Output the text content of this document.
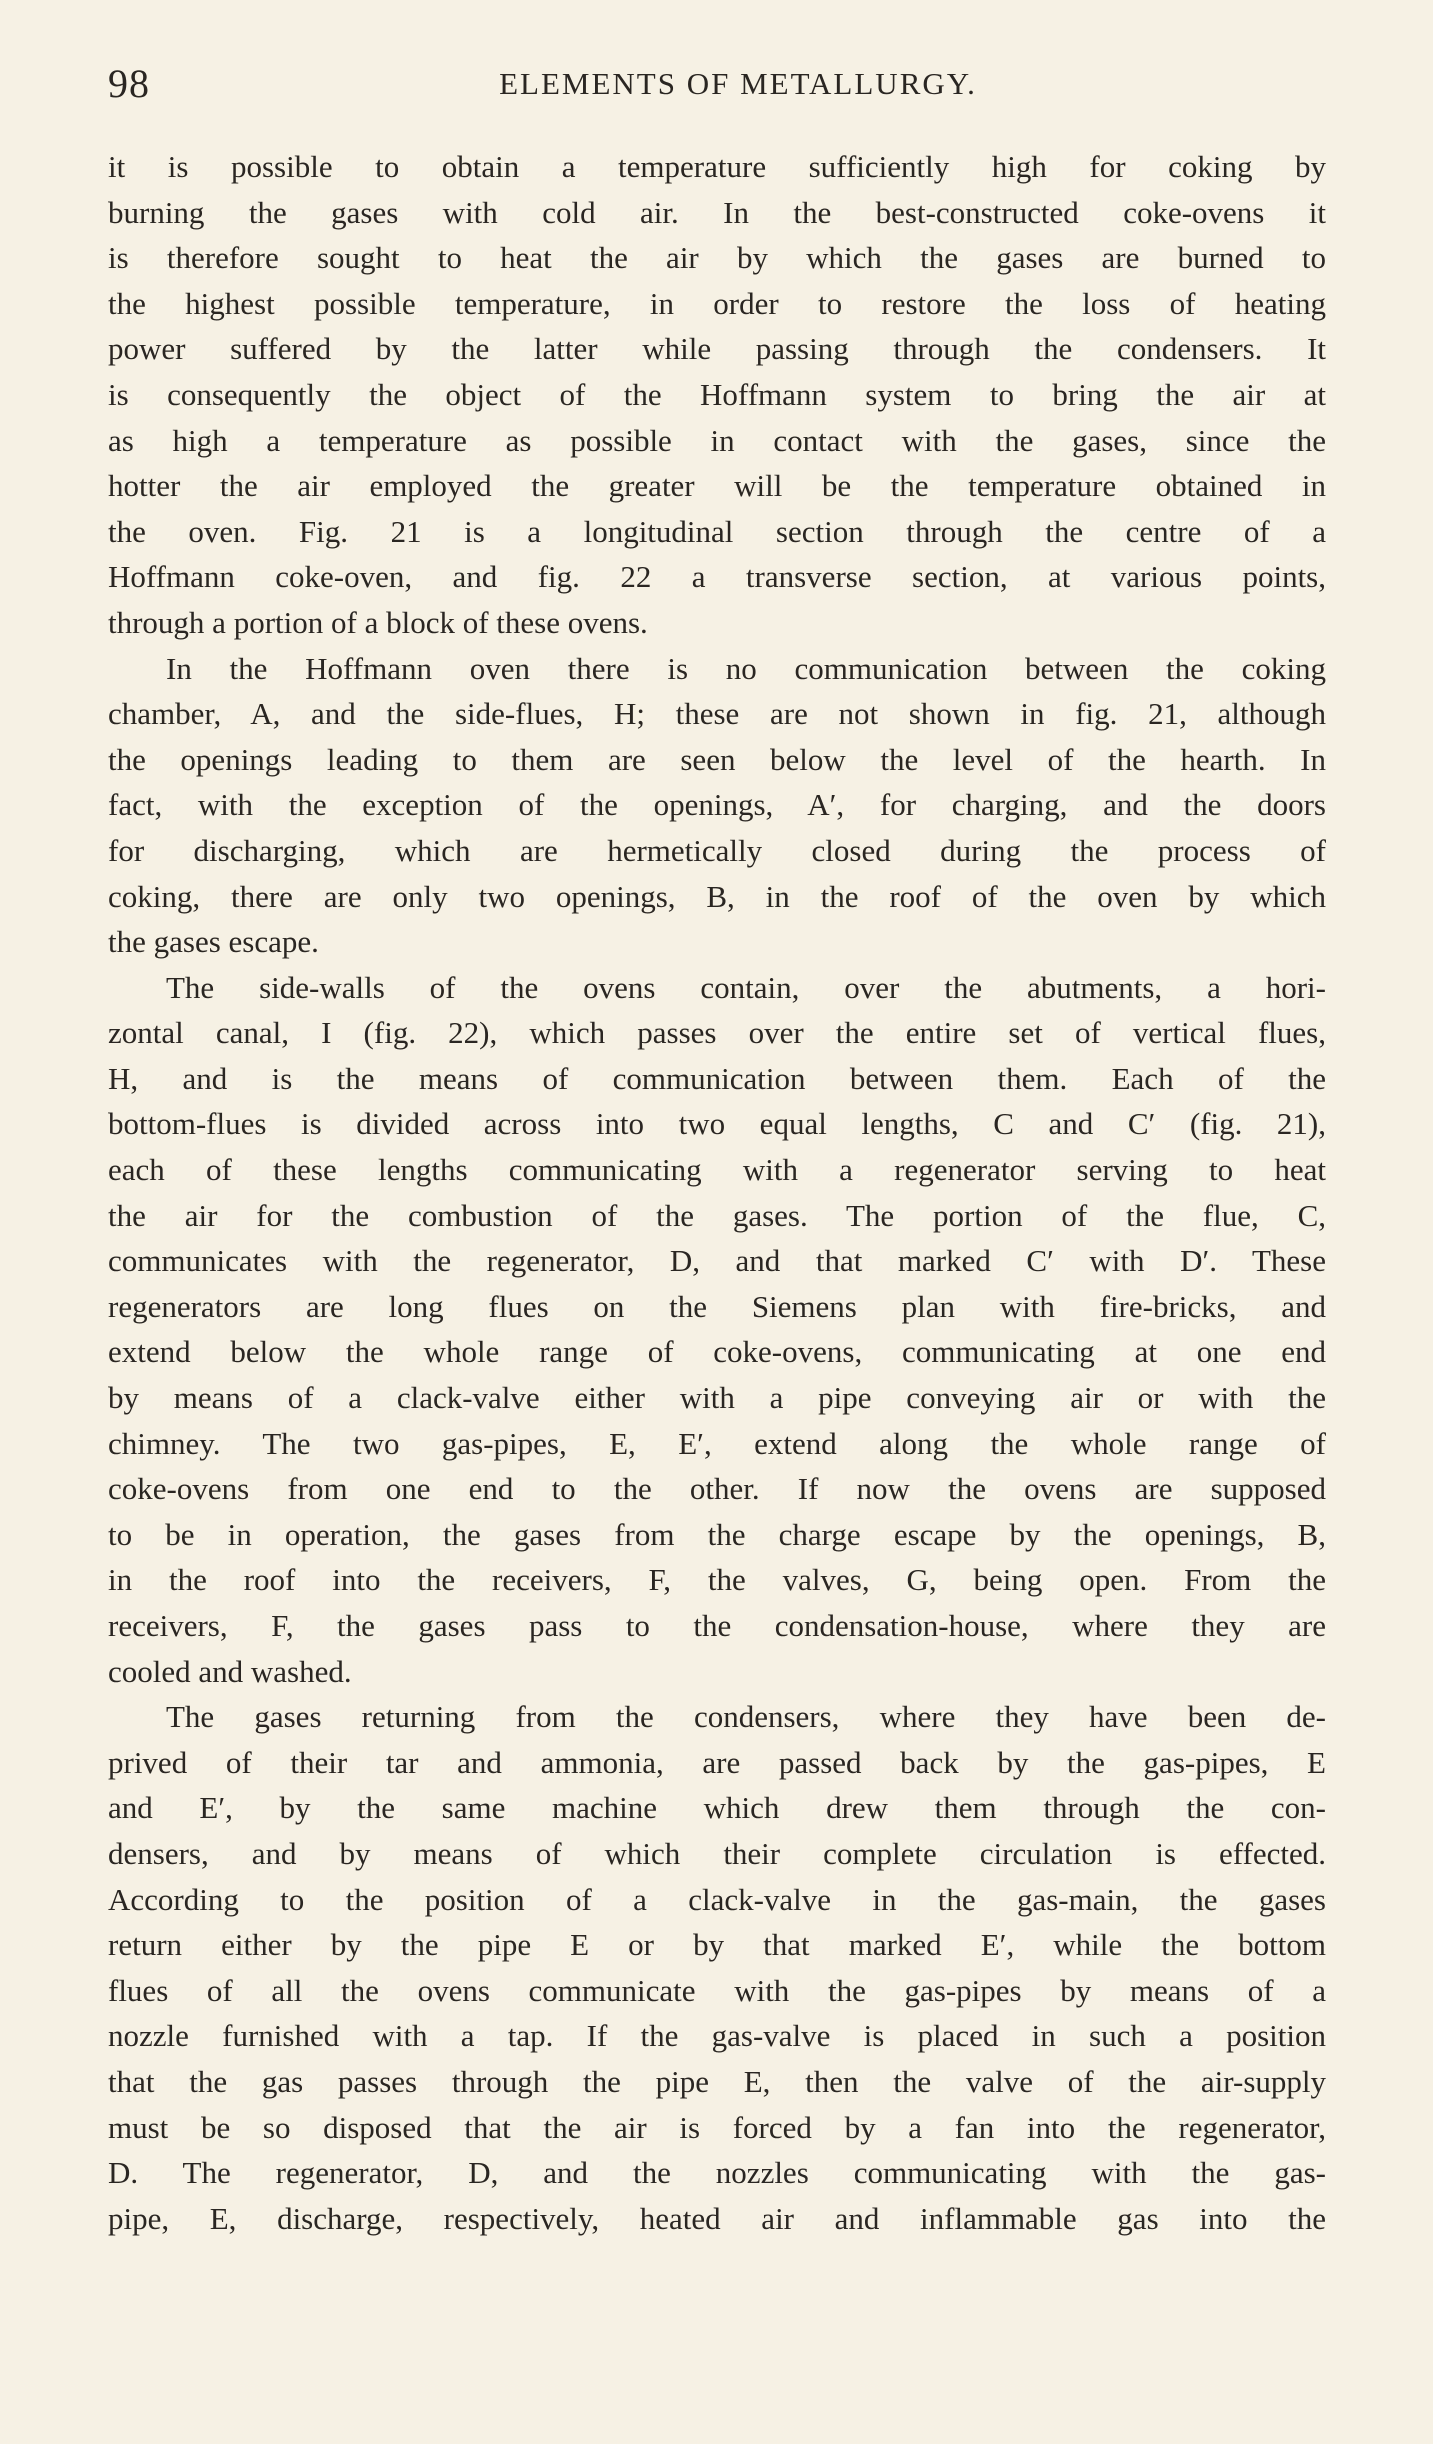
98	ELEMENTS OF METALLURGY.

it is possible to obtain a temperature sufficiently high for coking by
burning the gases with cold air. In the best-constructed coke-ovens it
is therefore sought to heat the air by which the gases are burned to
the highest possible temperature, in order to restore the loss of heating
power suffered by the latter while passing through the condensers. It
is consequently the object of the Hoffmann system to bring the air at
as high a temperature as possible in contact with the gases, since the
hotter the air employed the greater will be the temperature obtained in
the oven. Fig. 21 is a longitudinal section through the centre of a
Hoffmann coke-oven, and fig. 22 a transverse section, at various points,
through a portion of a block of these ovens.

In the Hoffmann oven there is no communication between the coking
chamber, A, and the side-flues, H; these are not shown in fig. 21, although
the openings leading to them are seen below the level of the hearth. In
fact, with the exception of the openings, A′, for charging, and the doors
for discharging, which are hermetically closed during the process of
coking, there are only two openings, B, in the roof of the oven by which
the gases escape.

The side-walls of the ovens contain, over the abutments, a hori-
zontal canal, I (fig. 22), which passes over the entire set of vertical flues,
H, and is the means of communication between them. Each of the
bottom-flues is divided across into two equal lengths, C and C′ (fig. 21),
each of these lengths communicating with a regenerator serving to heat
the air for the combustion of the gases. The portion of the flue, C,
communicates with the regenerator, D, and that marked C′ with D′. These
regenerators are long flues on the Siemens plan with fire-bricks, and
extend below the whole range of coke-ovens, communicating at one end
by means of a clack-valve either with a pipe conveying air or with the
chimney. The two gas-pipes, E, E′, extend along the whole range of
coke-ovens from one end to the other. If now the ovens are supposed
to be in operation, the gases from the charge escape by the openings, B,
in the roof into the receivers, F, the valves, G, being open. From the
receivers, F, the gases pass to the condensation-house, where they are
cooled and washed.

The gases returning from the condensers, where they have been de-
prived of their tar and ammonia, are passed back by the gas-pipes, E
and E′, by the same machine which drew them through the con-
densers, and by means of which their complete circulation is effected.
According to the position of a clack-valve in the gas-main, the gases
return either by the pipe E or by that marked E′, while the bottom
flues of all the ovens communicate with the gas-pipes by means of a
nozzle furnished with a tap. If the gas-valve is placed in such a position
that the gas passes through the pipe E, then the valve of the air-supply
must be so disposed that the air is forced by a fan into the regenerator,
D. The regenerator, D, and the nozzles communicating with the gas-
pipe, E, discharge, respectively, heated air and inflammable gas into the
